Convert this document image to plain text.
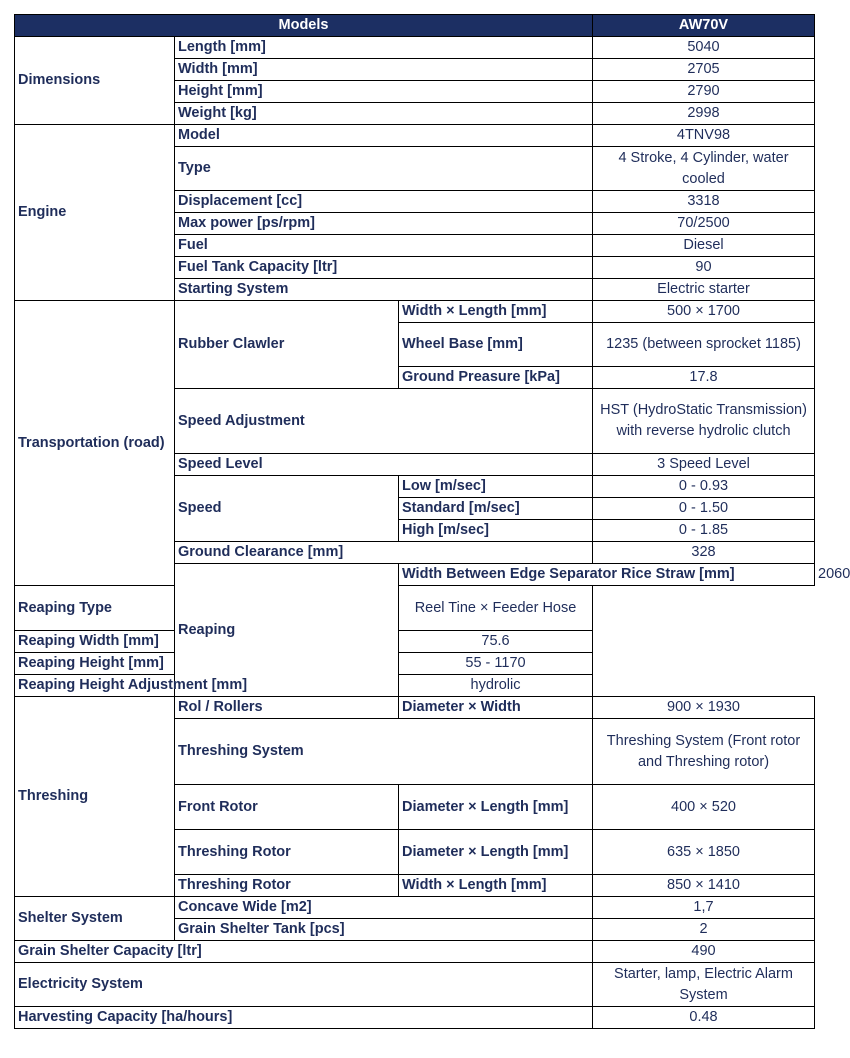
Models			AW70V	
Dimensions	Length [mm]		5040	
	Width [mm]		2705	
	Height [mm]		2790	
	Weight [kg]		2998	
Engine	Model		4TNV98	
	Type		4 Stroke, 4 Cylinder, water cooled	
	Displacement [cc]		3318	
	Max power [ps/rpm]		70/2500	
	Fuel		Diesel	
	Fuel Tank Capacity [ltr]		90	
	Starting System		Electric starter	
Transportation (road)	Rubber Clawler	Width × Length [mm]	500 × 1700	
		Wheel Base [mm]	1235 (between sprocket 1185)	
		Ground Preasure [kPa]	17.8	
	Speed Adjustment		HST (HydroStatic Transmission) with reverse hydrolic clutch	
	Speed Level		3 Speed Level	
	Speed	Low [m/sec]	0 - 0.93	
		Standard [m/sec]	0 - 1.50	
		High [m/sec]	0 - 1.85	
	Ground Clearance [mm]		328	
	Reaping	Width Between Edge Separator Rice Straw [mm]		2060
Reaping Type		Reel Tine × Feeder Hose		
Reaping Width [mm]		75.6		
Reaping Height [mm]		55 - 1170		
Reaping Height Adjustment [mm]		hydrolic		
Threshing	Rol / Rollers	Diameter × Width	900 × 1930	
	Threshing System		Threshing System (Front rotor and Threshing rotor)	
	Front Rotor	Diameter × Length [mm]	400 × 520	
	Threshing Rotor	Diameter × Length [mm]	635 × 1850	
	Threshing Rotor	Width × Length [mm]	850 × 1410	
Shelter System	Concave Wide [m2]		1,7	
	Grain Shelter Tank [pcs]		2	
Grain Shelter Capacity [ltr]			490	
Electricity System			Starter, lamp, Electric Alarm System	
Harvesting Capacity [ha/hours]			0.48	
